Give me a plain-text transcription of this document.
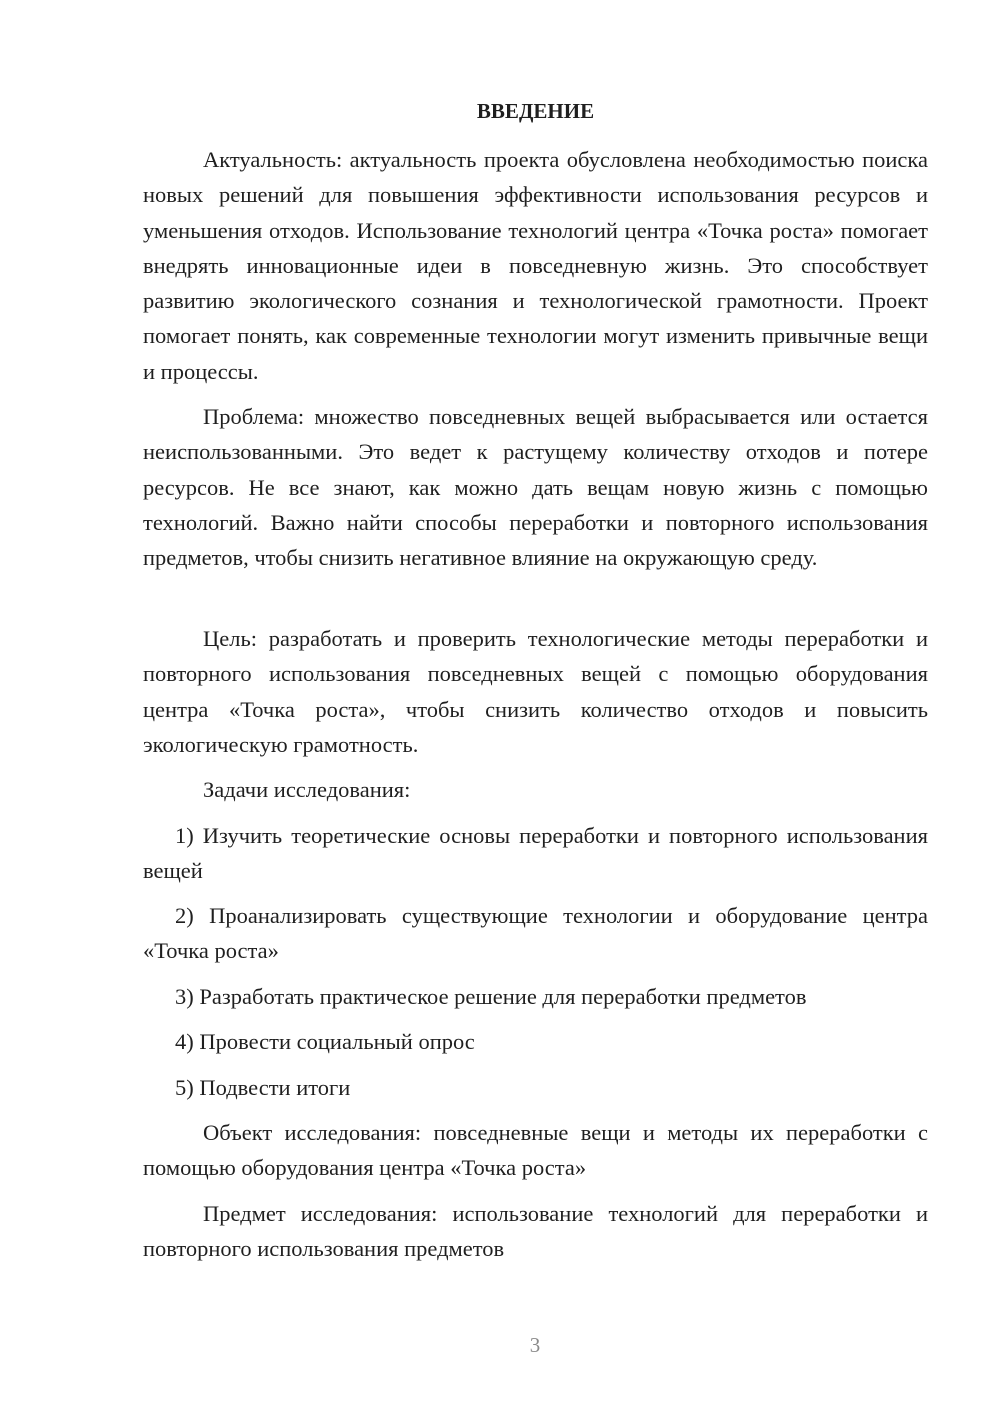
ВВЕДЕНИЕ

Актуальность: актуальность проекта обусловлена необходимостью поиска новых решений для повышения эффективности использования ресурсов и уменьшения отходов. Использование технологий центра «Точка роста» помогает внедрять инновационные идеи в повседневную жизнь. Это способствует развитию экологического сознания и технологической грамотности. Проект помогает понять, как современные технологии могут изменить привычные вещи и процессы.

Проблема: множество повседневных вещей выбрасывается или остается неиспользованными. Это ведет к растущему количеству отходов и потере ресурсов. Не все знают, как можно дать вещам новую жизнь с помощью технологий. Важно найти способы переработки и повторного использования предметов, чтобы снизить негативное влияние на окружающую среду.

Цель: разработать и проверить технологические методы переработки и повторного использования повседневных вещей с помощью оборудования центра «Точка роста», чтобы снизить количество отходов и повысить экологическую грамотность.

Задачи исследования:

1) Изучить теоретические основы переработки и повторного использования вещей

2) Проанализировать существующие технологии и оборудование центра «Точка роста»

3) Разработать практическое решение для переработки предметов

4) Провести социальный опрос

5) Подвести итоги

Объект исследования: повседневные вещи и методы их переработки с помощью оборудования центра «Точка роста»

Предмет исследования: использование технологий для переработки и повторного использования предметов

3
